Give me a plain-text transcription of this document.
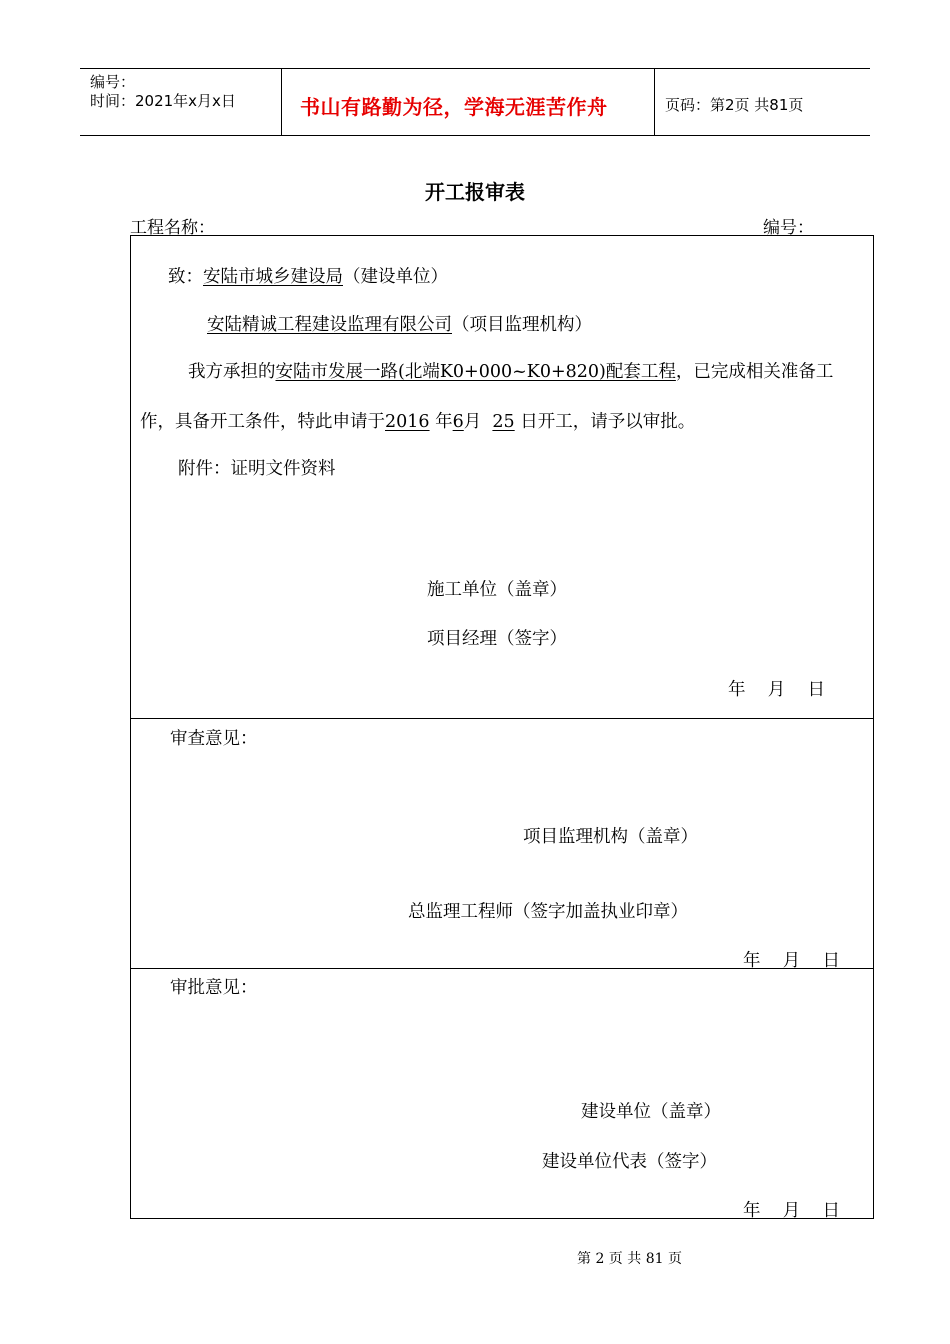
编号：
时间：2021年x月x日	书山有路勤为径，学海无涯苦作舟	页码：第2页 共81页
开工报审表
工程名称：	编号：
致：安陆市城乡建设局（建设单位）
安陆精诚工程建设监理有限公司（项目监理机构）
我方承担的安陆市发展一路(北端K0+000~K0+820)配套工程，已完成相关准备工
作，具备开工条件，特此申请于2016 年6月 25 日开工，请予以审批。
附件：证明文件资料
施工单位（盖章）
项目经理（签字）
年    月    日
审查意见：
项目监理机构（盖章）
总监理工程师（签字加盖执业印章）
年    月    日
审批意见：
建设单位（盖章）
建设单位代表（签字）
年    月    日
第 2 页 共 81 页
